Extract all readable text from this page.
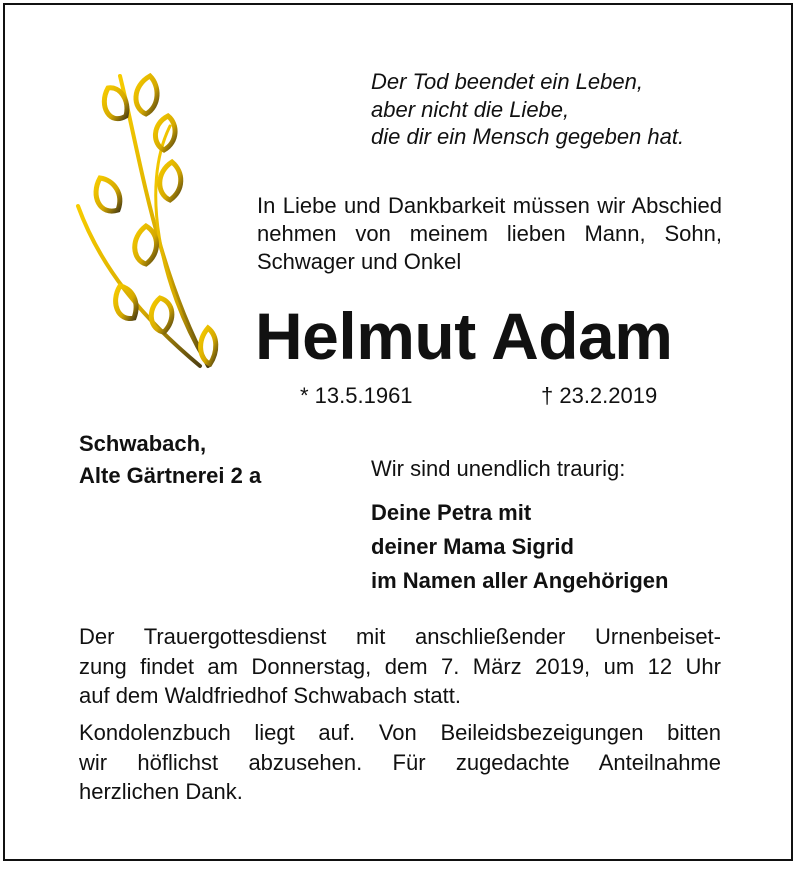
Der Tod beendet ein Leben,
aber nicht die Liebe,
die dir ein Mensch gegeben hat.
In Liebe und Dankbarkeit müssen wir Abschied nehmen von meinem lieben Mann, Sohn, Schwager und Onkel
Helmut Adam
* 13.5.1961	† 23.2.2019
Schwabach,
Alte Gärtnerei 2 a	Wir sind unendlich traurig:
Deine Petra mit
deiner Mama Sigrid
im Namen aller Angehörigen
Der Trauergottesdienst mit anschließender Urnenbeiset-
zung findet am Donnerstag, dem 7. März 2019, um 12 Uhr
auf dem Waldfriedhof Schwabach statt.
Kondolenzbuch liegt auf. Von Beileidsbezeigungen bitten
wir höflichst abzusehen. Für zugedachte Anteilnahme
herzlichen Dank.
